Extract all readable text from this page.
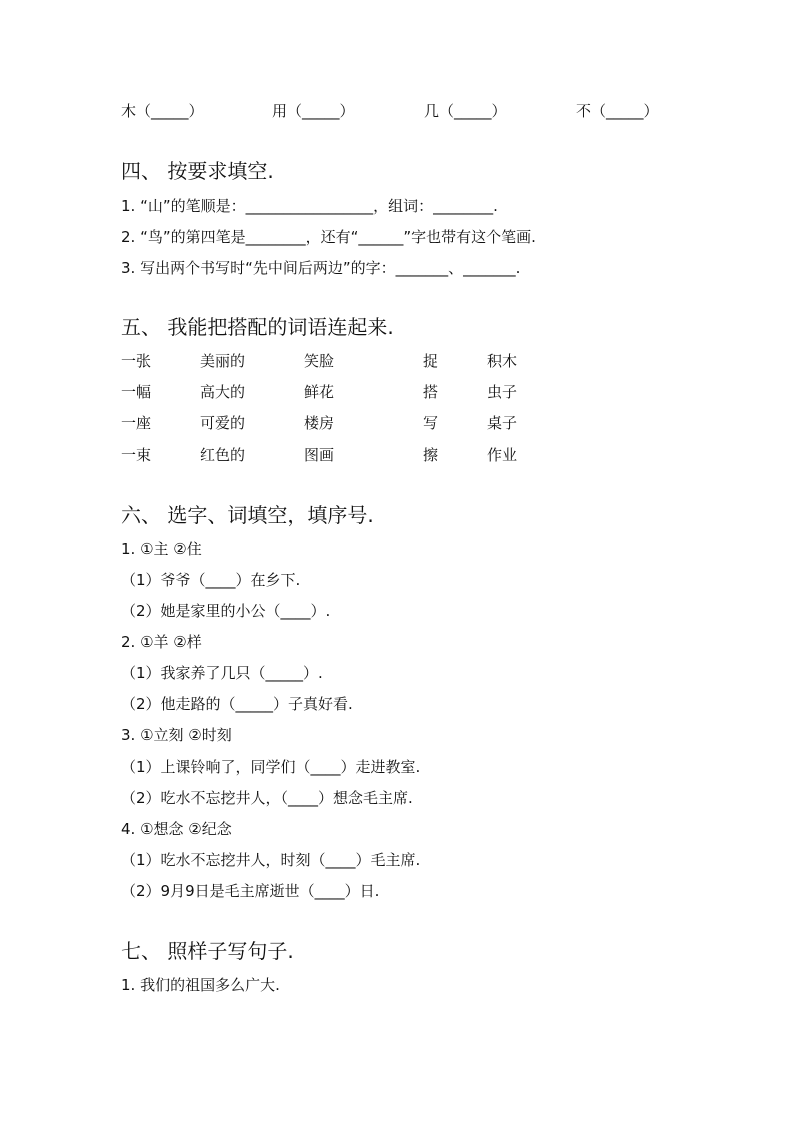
木（_____）	用（_____）	几（_____）	不（_____）
四、 按要求填空.
1. “山”的笔顺是：_________________，组词：________.
2. “鸟”的第四笔是________，还有“______”字也带有这个笔画.
3. 写出两个书写时“先中间后两边”的字：_______、_______.
五、 我能把搭配的词语连起来.
一张	美丽的	笑脸	捉	积木
一幅	高大的	鲜花	搭	虫子
一座	可爱的	楼房	写	桌子
一束	红色的	图画	擦	作业
六、 选字、词填空，填序号.
1. ①主 ②住
（1）爷爷（____）在乡下.
（2）她是家里的小公（____）.
2. ①羊 ②样
（1）我家养了几只（_____）.
（2）他走路的（_____）子真好看.
3. ①立刻 ②时刻
（1）上课铃响了，同学们（____）走进教室.
（2）吃水不忘挖井人，（____）想念毛主席.
4. ①想念 ②纪念
（1）吃水不忘挖井人，时刻（____）毛主席.
（2）9月9日是毛主席逝世（____）日.
七、 照样子写句子.
1. 我们的祖国多么广大.
